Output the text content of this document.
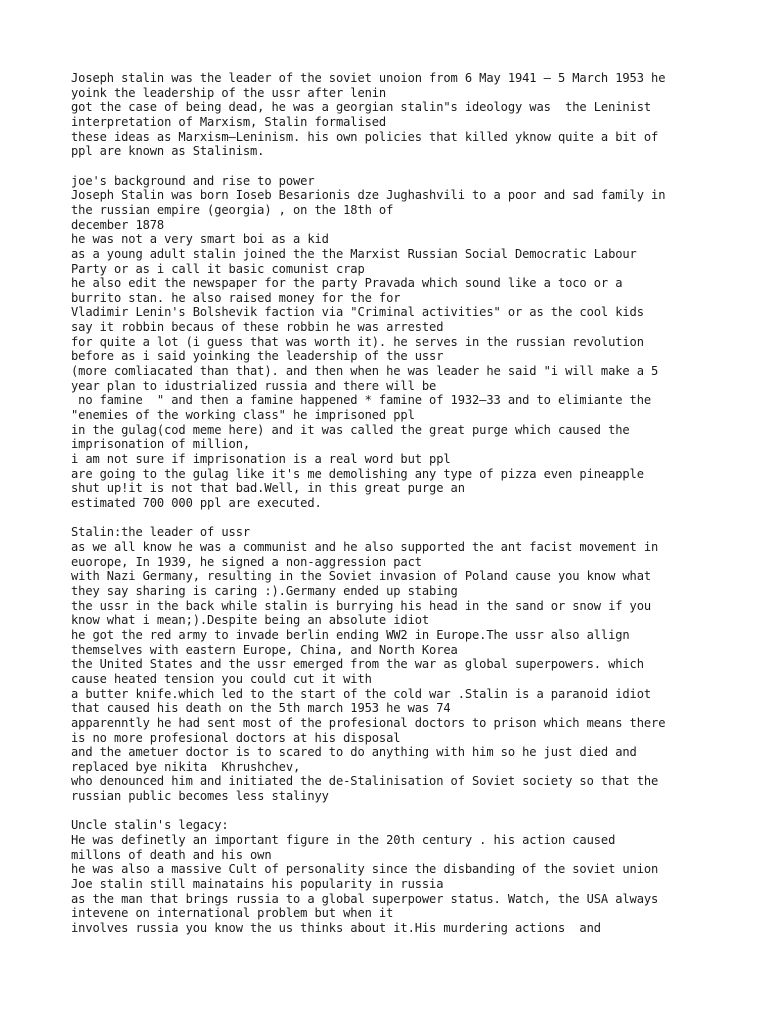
Joseph stalin was the leader of the soviet unoion from 6 May 1941 – 5 March 1953 he
yoink the leadership of the ussr after lenin
got the case of being dead, he was a georgian stalin"s ideology was  the Leninist
interpretation of Marxism, Stalin formalised
these ideas as Marxism–Leninism. his own policies that killed yknow quite a bit of
ppl are known as Stalinism.
joe's background and rise to power
Joseph Stalin was born Ioseb Besarionis dze Jughashvili to a poor and sad family in
the russian empire (georgia) , on the 18th of
december 1878
he was not a very smart boi as a kid
as a young adult stalin joined the the Marxist Russian Social Democratic Labour
Party or as i call it basic comunist crap
he also edit the newspaper for the party Pravada which sound like a toco or a
burrito stan. he also raised money for the for
Vladimir Lenin's Bolshevik faction via "Criminal activities" or as the cool kids
say it robbin becaus of these robbin he was arrested
for quite a lot (i guess that was worth it). he serves in the russian revolution
before as i said yoinking the leadership of the ussr
(more comliacated than that). and then when he was leader he said "i will make a 5
year plan to idustrialized russia and there will be
no famine  " and then a famine happened * famine of 1932–33 and to elimiante the
"enemies of the working class" he imprisoned ppl
in the gulag(cod meme here) and it was called the great purge which caused the
imprisonation of million,
i am not sure if imprisonation is a real word but ppl
are going to the gulag like it's me demolishing any type of pizza even pineapple
shut up!it is not that bad.Well, in this great purge an
estimated 700 000 ppl are executed.
Stalin:the leader of ussr
as we all know he was a communist and he also supported the ant facist movement in
euorope, In 1939, he signed a non-aggression pact
with Nazi Germany, resulting in the Soviet invasion of Poland cause you know what
they say sharing is caring :).Germany ended up stabing
the ussr in the back while stalin is burrying his head in the sand or snow if you
know what i mean;).Despite being an absolute idiot
he got the red army to invade berlin ending WW2 in Europe.The ussr also allign
themselves with eastern Europe, China, and North Korea
the United States and the ussr emerged from the war as global superpowers. which
cause heated tension you could cut it with
a butter knife.which led to the start of the cold war .Stalin is a paranoid idiot
that caused his death on the 5th march 1953 he was 74
apparenntly he had sent most of the profesional doctors to prison which means there
is no more profesional doctors at his disposal
and the ametuer doctor is to scared to do anything with him so he just died and
replaced bye nikita  Khrushchev,
who denounced him and initiated the de-Stalinisation of Soviet society so that the
russian public becomes less stalinyy
Uncle stalin's legacy:
He was definetly an important figure in the 20th century . his action caused
millons of death and his own
he was also a massive Cult of personality since the disbanding of the soviet union
Joe stalin still mainatains his popularity in russia
as the man that brings russia to a global superpower status. Watch, the USA always
intevene on international problem but when it
involves russia you know the us thinks about it.His murdering actions  and
